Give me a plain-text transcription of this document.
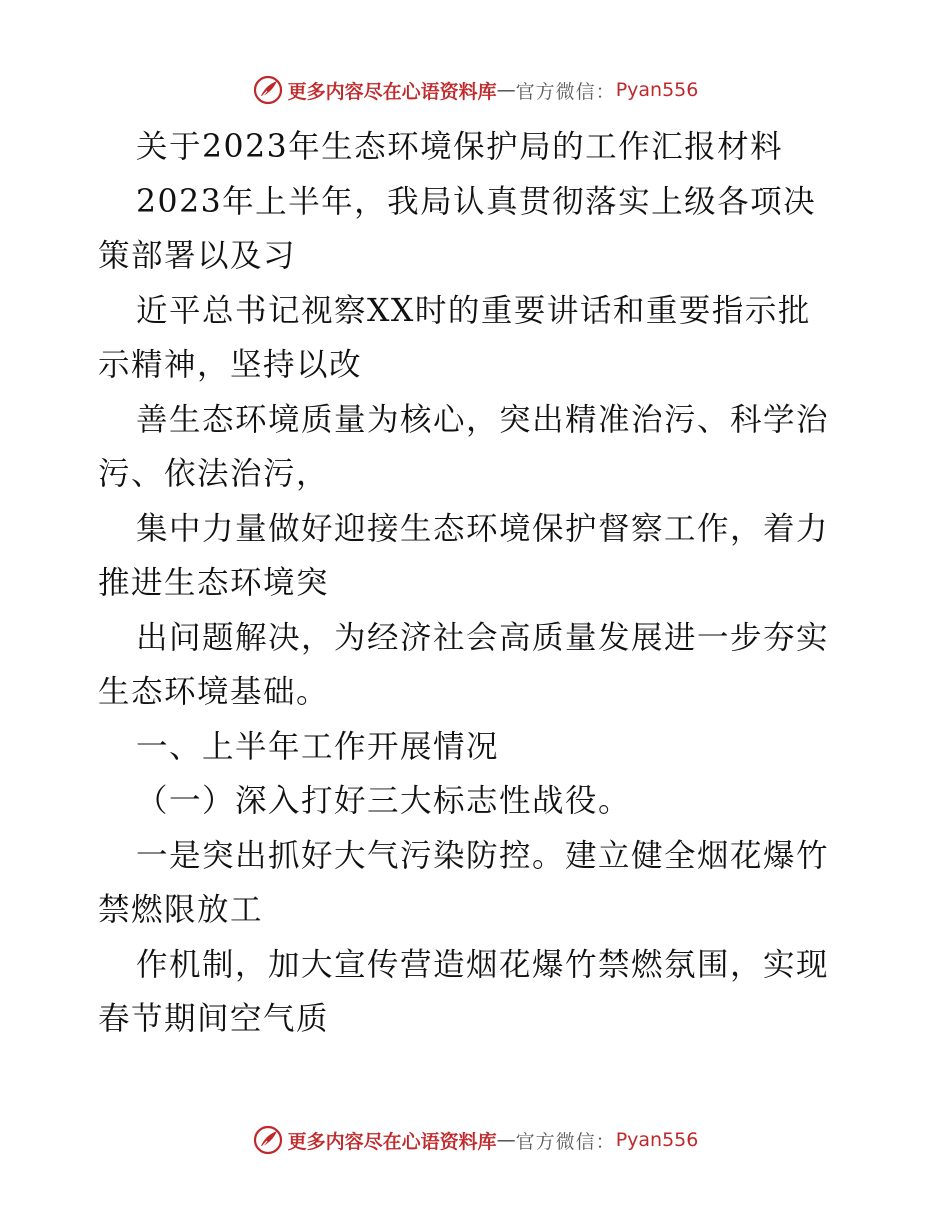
更多内容尽在心语资料库 — 官方微信： Pyan556
关于2023年生态环境保护局的工作汇报材料
2023年上半年，我局认真贯彻落实上级各项决
策部署以及习
近平总书记视察XX时的重要讲话和重要指示批
示精神，坚持以改
善生态环境质量为核心，突出精准治污、科学治
污、依法治污，
集中力量做好迎接生态环境保护督察工作，着力
推进生态环境突
出问题解决，为经济社会高质量发展进一步夯实
生态环境基础。
一、上半年工作开展情况
（一）深入打好三大标志性战役。
一是突出抓好大气污染防控。建立健全烟花爆竹
禁燃限放工
作机制，加大宣传营造烟花爆竹禁燃氛围，实现
春节期间空气质
更多内容尽在心语资料库 — 官方微信： Pyan556
